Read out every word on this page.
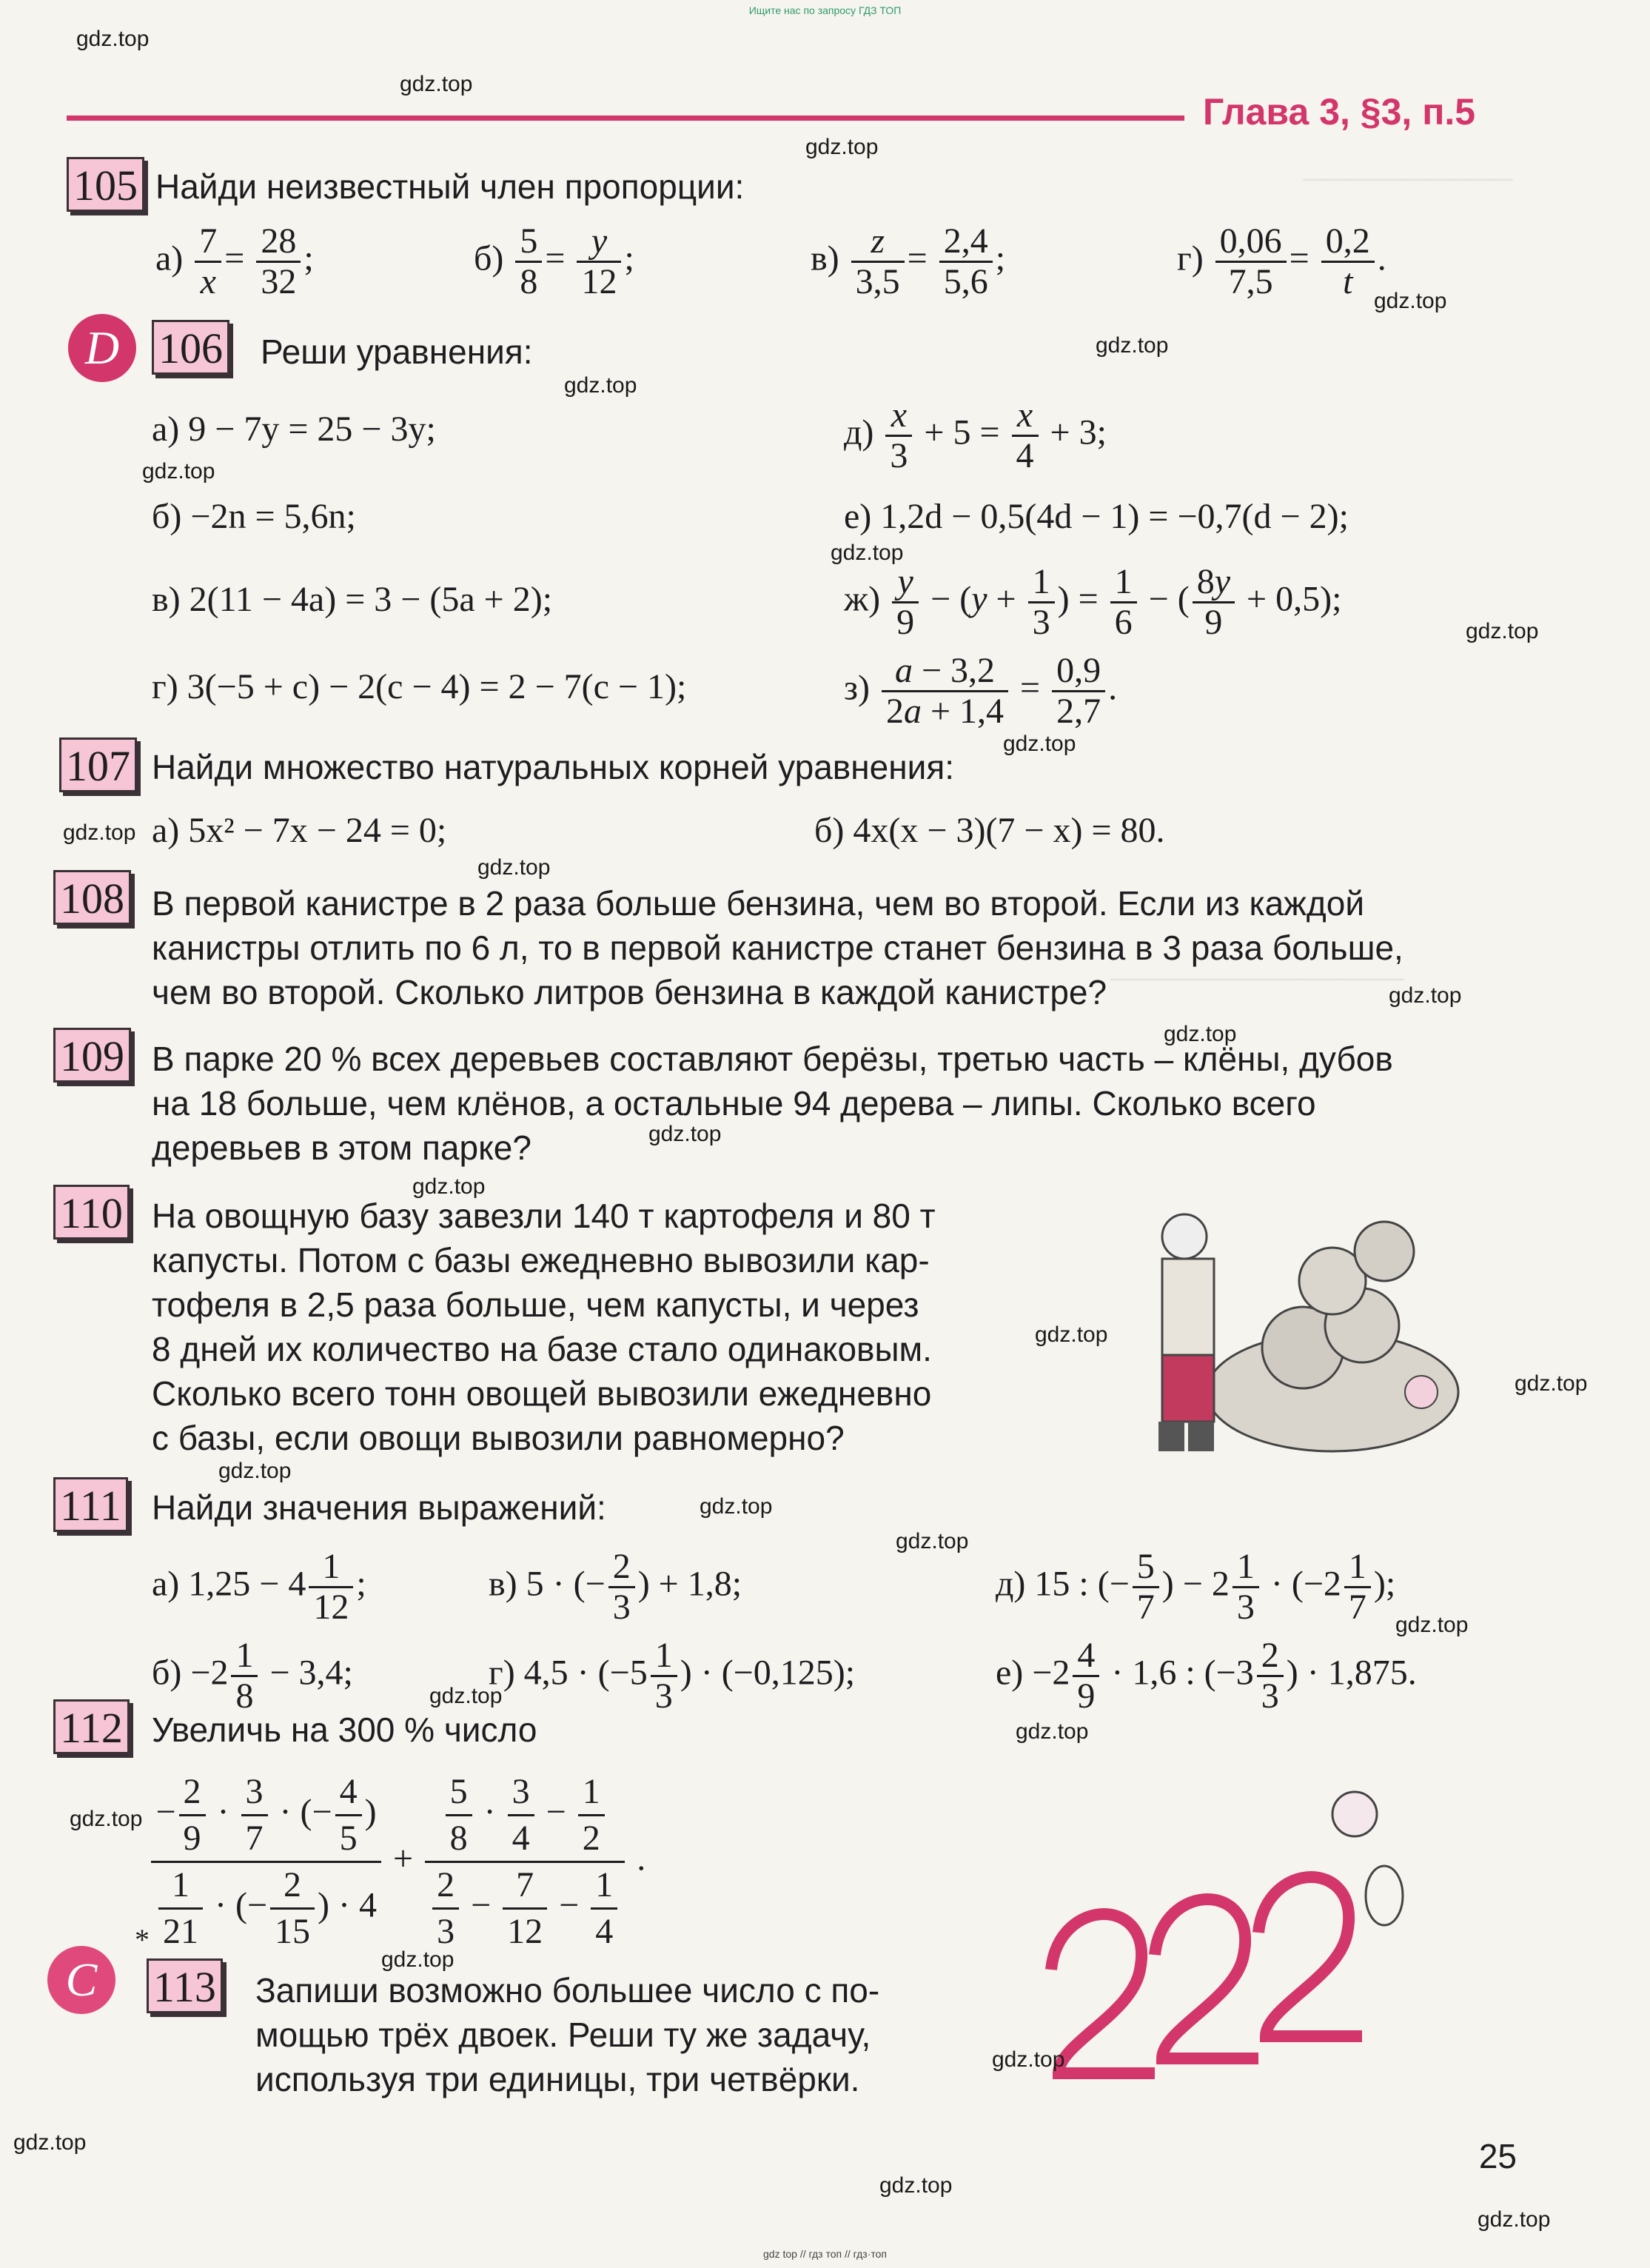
Ищите нас по запросу ГДЗ ТОП
Глава 3, §3, п.5
──────────
──────────────
105 Найди неизвестный член пропорции:
$а) \frac{7}{x} = \frac{28}{32}$ ;	$б) \frac{5}{8} = \frac{y}{12}$ ;	$в) \frac{z}{3,5} = \frac{2,4}{5,6}$ ;	$г) \frac{0,06}{7,5} = \frac{0,2}{t}$ .
D 106 Реши уравнения:
а) 9 − 7y = 25 − 3y;
б) −2n = 5,6n;
в) 2(11 − 4a) = 3 − (5a + 2);
г) 3(−5 + c) − 2(c − 4) = 2 − 7(c − 1);
$д) \frac{x}{3} + 5 = \frac{x}{4} + 3$;
е) 1,2d − 0,5(4d − 1) = −0,7(d − 2);
$ж) \frac{y}{9} - (y + \frac{1}{3}$ ) = $\frac{1}{6}$ − ( $\frac{8y}{9} + 0,5$);
$з) \frac{a - 3,2}{2a + 1,4} = \frac{0,9}{2,7}$ .
107 Найди множество натуральных корней уравнения:
а) 5x² − 7x − 24 = 0;	б) 4x(x − 3)(7 − x) = 80.
108 В первой канистре в 2 раза больше бензина, чем во второй. Если из каждой
канистры отлить по 6 л, то в первой канистре станет бензина в 3 раза больше,
чем во второй. Сколько литров бензина в каждой канистре?
109 В парке 20 % всех деревьев составляют берёзы, третью часть – клёны, дубов
на 18 больше, чем клёнов, а остальные 94 дерева – липы. Сколько всего
деревьев в этом парке?
110 На овощную базу завезли 140 т картофеля и 80 т
капусты. Потом с базы ежедневно вывозили кар-
тофеля в 2,5 раза больше, чем капусты, и через
8 дней их количество на базе стало одинаковым.
Сколько всего тонн овощей вывозили ежедневно
с базы, если овощи вывозили равномерно?
111 Найди значения выражений:
а) $1,25 - 4 \frac{1}{12}$ ;	в) 5 · (− $\frac{2}{3}$ ) + 1,8;	д) 15 : (− $\frac{5}{7}$ ) − $2 \frac{1}{3} \cdot (-2 \frac{1}{7}$ );
$б) -2 \frac{1}{8} - 3,4$;	г) $4,5 \cdot (-5 \frac{1}{3}$ ) · (−0,125);	$е) -2 \frac{4}{9} \cdot 1,6$ : ($-3 \frac{2}{3}$ ) · 1,875.
112 Увеличь на 300 % число
$\frac{- \frac{2}{9} \cdot \frac{3}{7} \cdot (- \frac{4}{5} )}{\frac{1}{21} \cdot (- \frac{2}{15} ) \cdot 4} + \frac{\frac{5}{8} \cdot \frac{3}{4} - \frac{1}{2}}{\frac{2}{3} - \frac{7}{12} - \frac{1}{4}}$ .
C
*
113 Запиши возможно большее число с по-
мощью трёх двоек. Реши ту же задачу,
используя три единицы, три четвёрки.
gdz.top
gdz.top
gdz.top
gdz.top
gdz.top
gdz.top
gdz.top
gdz.top
gdz.top
gdz.top
gdz.top
gdz.top
gdz.top
gdz.top
gdz.top
gdz.top
gdz.top
gdz.top
gdz.top
gdz.top
gdz.top
gdz.top
gdz.top
gdz.top
gdz.top
gdz.top
gdz.top
gdz.top
gdz.top
gdz.top
25
gdz top // гдз топ // гдз·топ
